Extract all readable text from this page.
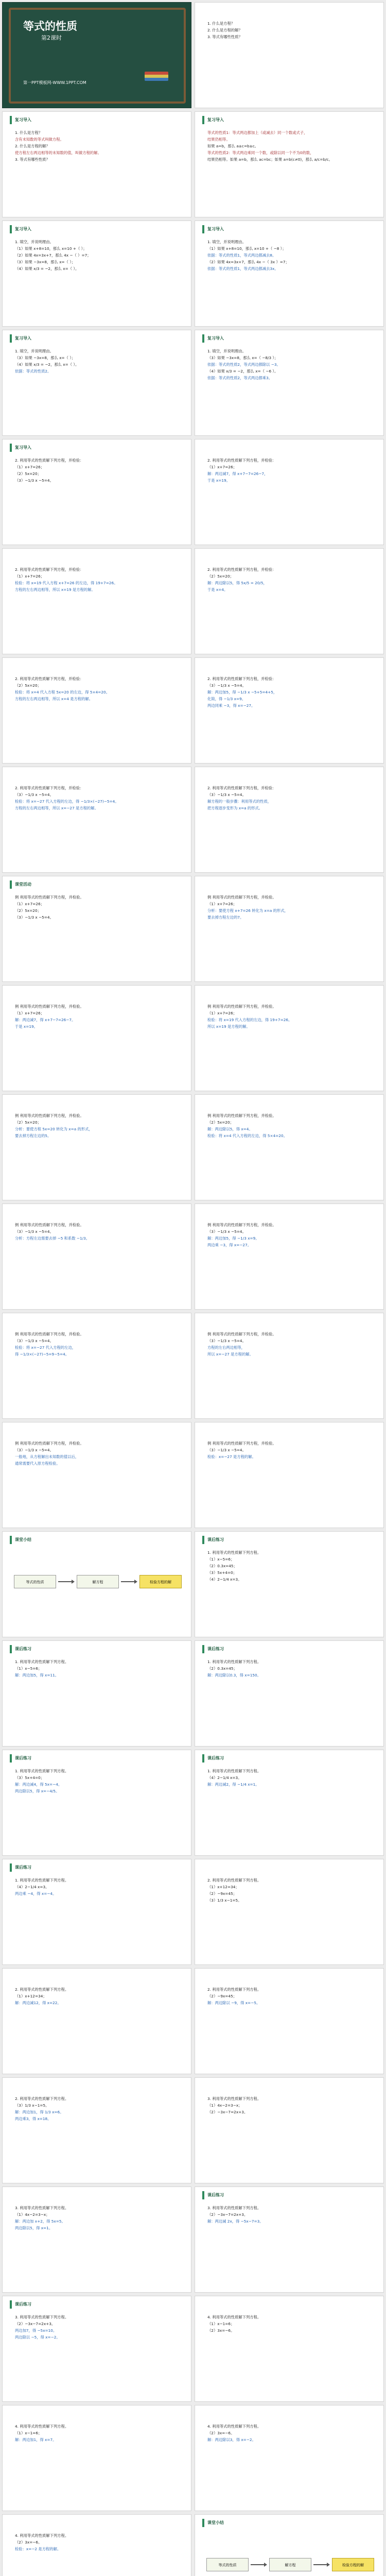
等式的性质
第2课时
第一PPT模板网-WWW.1PPT.COM
1. 什么是方程？
2. 什么是方程的解？
3. 等式有哪些性质？
复习导入
1. 什么是方程？
含有未知数的等式叫做方程。
2. 什么是方程的解？
使方程左右两边相等的未知数的值，叫做方程的解。
3. 等式有哪些性质？
复习导入
等式的性质1：等式两边都加上（或减去）同一个数或式子，
结果仍相等。
如果 a=b，那么 a±c=b±c。
等式的性质2：等式两边乘同一个数，或除以同一个不为0的数，
结果仍相等。如果 a=b，那么 ac=bc；如果 a=b(c≠0)，那么 a/c=b/c。
复习导入
1. 填空，并说明理由。
（1）如果 x+8=10，那么 x=10 +（ ）；
（2）如果 4x=3x+7，那么 4x −（ ）=7；
（3）如果 −3x=8，那么 x=（ ）；
（4）如果 x/3 = −2，那么 x=（ ）。
复习导入
1. 填空，并说明理由。
（1）如果 x+8=10，那么 x=10 +（ −8 ）；
依据：等式的性质1，等式两边都减去8。
（2）如果 4x=3x+7，那么 4x −（ 3x ）=7；
依据：等式的性质1，等式两边都减去3x。
复习导入
1. 填空，并说明理由。
（3）如果 −3x=8，那么 x=（ ）；
（4）如果 x/3 = −2，那么 x=（ ）。
依据：等式的性质2。
复习导入
1. 填空，并说明理由。
（3）如果 −3x=8，那么 x=（ −8/3 ）；
依据：等式的性质2，等式两边都除以 −3。
（4）如果 x/3 = −2，那么 x=（ −6 ）。
依据：等式的性质2，等式两边都乘3。
复习导入
2. 利用等式的性质解下列方程，并检验：
（1）x+7=26；
（2）5x=20；
（3）−1/3 x −5=4。
2. 利用等式的性质解下列方程，并检验：
（1）x+7=26；
解：两边减7，得 x+7−7=26−7，
于是 x=19。
2. 利用等式的性质解下列方程，并检验：
（1）x+7=26；
检验：将 x=19 代入方程 x+7=26 的左边，得 19+7=26。
方程的左右两边相等，所以 x=19 是方程的解。
2. 利用等式的性质解下列方程，并检验：
（2）5x=20；
解：两边除以5，得 5x/5 = 20/5，
于是 x=4。
2. 利用等式的性质解下列方程，并检验：
（2）5x=20；
检验：将 x=4 代入方程 5x=20 的左边，得 5×4=20。
方程的左右两边相等，所以 x=4 是方程的解。
2. 利用等式的性质解下列方程，并检验：
（3）−1/3 x −5=4。
解：两边加5，得 −1/3 x −5+5=4+5，
化简，得 −1/3 x=9。
两边同乘 −3，得 x=−27。
2. 利用等式的性质解下列方程，并检验：
（3）−1/3 x −5=4。
检验：将 x=−27 代入方程的左边，得 −1/3×(−27)−5=4。
方程的左右两边相等，所以 x=−27 是方程的解。
2. 利用等式的性质解下列方程，并检验：
（3）−1/3 x −5=4。
解方程的一般步骤：利用等式的性质，
把方程逐步变形为 x=a 的形式。
课堂活动
例 利用等式的性质解下列方程，并检验。
（1）x+7=26；
（2）5x=20；
（3）−1/3 x −5=4。
例 利用等式的性质解下列方程，并检验。
（1）x+7=26；
分析：要使方程 x+7=26 转化为 x=a 的形式，
要去掉方程左边的7。
例 利用等式的性质解下列方程，并检验。
（1）x+7=26；
解：两边减7，得 x+7−7=26−7。
于是 x=19。
例 利用等式的性质解下列方程，并检验。
（1）x+7=26；
检验：将 x=19 代入方程的左边，得 19+7=26。
所以 x=19 是方程的解。
例 利用等式的性质解下列方程，并检验。
（2）5x=20；
分析：要使方程 5x=20 转化为 x=a 的形式，
要去掉方程左边的5。
例 利用等式的性质解下列方程，并检验。
（2）5x=20；
解：两边除以5，得 x=4。
检验：将 x=4 代入方程的左边，得 5×4=20。
例 利用等式的性质解下列方程，并检验。
（3）−1/3 x −5=4。
分析：方程左边需要去掉 −5 和系数 −1/3。
例 利用等式的性质解下列方程，并检验。
（3）−1/3 x −5=4。
解：两边加5，得 −1/3 x=9。
两边乘 −3，得 x=−27。
例 利用等式的性质解下列方程，并检验。
（3）−1/3 x −5=4。
检验：将 x=−27 代入方程的左边，
得 −1/3×(−27)−5=9−5=4。
例 利用等式的性质解下列方程，并检验。
（3）−1/3 x −5=4。
方程的左右两边相等，
所以 x=−27 是方程的解。
例 利用等式的性质解下列方程，并检验。
（3）−1/3 x −5=4。
一般地，从方程解出未知数的值以后，
通常需要代入原方程检验。
例 利用等式的性质解下列方程，并检验。
（3）−1/3 x −5=4。
检验：x=−27 是方程的解。
课堂小结
等式的性质	解方程	检验方程的解
课后练习
1. 利用等式的性质解下列方程。
（1）x−5=6；
（2）0.3x=45；
（3）5x+4=0；
（4）2−1/4 x=3。
课后练习
1. 利用等式的性质解下列方程。
（1）x−5=6；
解：两边加5，得 x=11。
课后练习
1. 利用等式的性质解下列方程。
（2）0.3x=45；
解：两边除以0.3，得 x=150。
课后练习
1. 利用等式的性质解下列方程。
（3）5x+4=0；
解：两边减4，得 5x=−4。
两边除以5，得 x=−4/5。
课后练习
1. 利用等式的性质解下列方程。
（4）2−1/4 x=3。
解：两边减2，得 −1/4 x=1。
课后练习
1. 利用等式的性质解下列方程。
（4）2−1/4 x=3。
两边乘 −4，得 x=−4。
2. 利用等式的性质解下列方程。
（1）x+12=34；
（2）−9x=45；
（3）1/3 x−1=5。
2. 利用等式的性质解下列方程。
（1）x+12=34；
解：两边减12，得 x=22。
2. 利用等式的性质解下列方程。
（2）−9x=45；
解：两边除以 −9，得 x=−5。
2. 利用等式的性质解下列方程。
（3）1/3 x−1=5。
解：两边加1，得 1/3 x=6。
两边乘3，得 x=18。
3. 利用等式的性质解下列方程。
（1）4x−2=3−x；
（2）−3x−7=2x+3。
3. 利用等式的性质解下列方程。
（1）4x−2=3−x；
解：两边加 x+2，得 5x=5。
两边除以5，得 x=1。
课后练习
3. 利用等式的性质解下列方程。
（2）−3x−7=2x+3。
解：两边减 2x，得 −5x−7=3。
课后练习
3. 利用等式的性质解下列方程。
（2）−3x−7=2x+3。
两边加7，得 −5x=10。
两边除以 −5，得 x=−2。
4. 利用等式的性质解下列方程。
（1）x−1=6；
（2）3x=−6。
4. 利用等式的性质解下列方程。
（1）x−1=6；
解：两边加1，得 x=7。
4. 利用等式的性质解下列方程。
（2）3x=−6。
解：两边除以3，得 x=−2。
4. 利用等式的性质解下列方程。
（2）3x=−6。
检验：x=−2 是方程的解。
课堂小结
等式的性质	解方程	检验方程的解
